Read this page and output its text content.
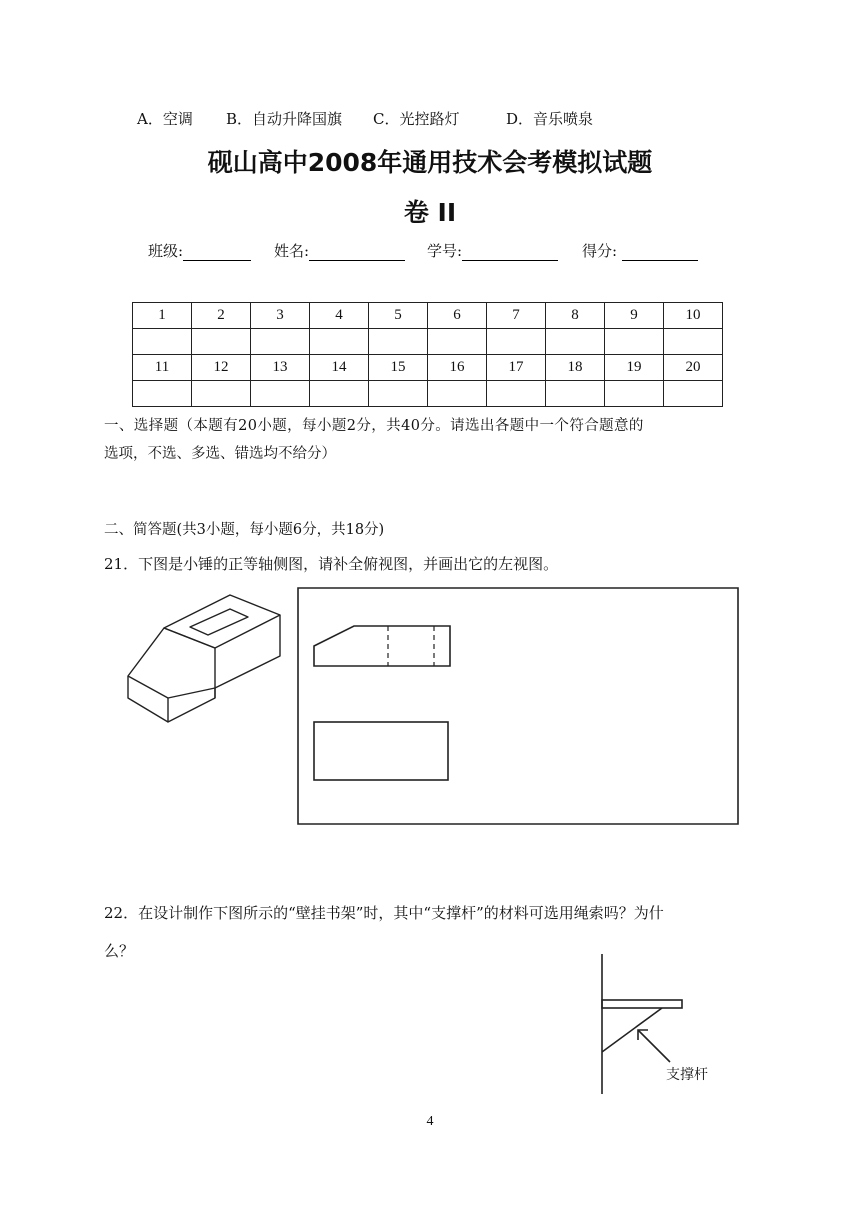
A．空调 B．自动升降国旗 C．光控路灯	D．音乐喷泉
砚山高中2008年通用技术会考模拟试题
卷 II
班级:	姓名:	学号:	得分:
1	2	3	4	5	6	7	8	9	10

11	12	13	14	15	16	17	18	19	20

一、选择题（本题有20小题，每小题2分，共40分。请选出各题中一个符合题意的
选项，不选、多选、错选均不给分）
二、简答题(共3小题，每小题6分，共18分)
21．下图是小锤的正等轴侧图，请补全俯视图，并画出它的左视图。
22．在设计制作下图所示的“壁挂书架”时，其中“支撑杆”的材料可选用绳索吗？为什
么？
支撑杆
4
